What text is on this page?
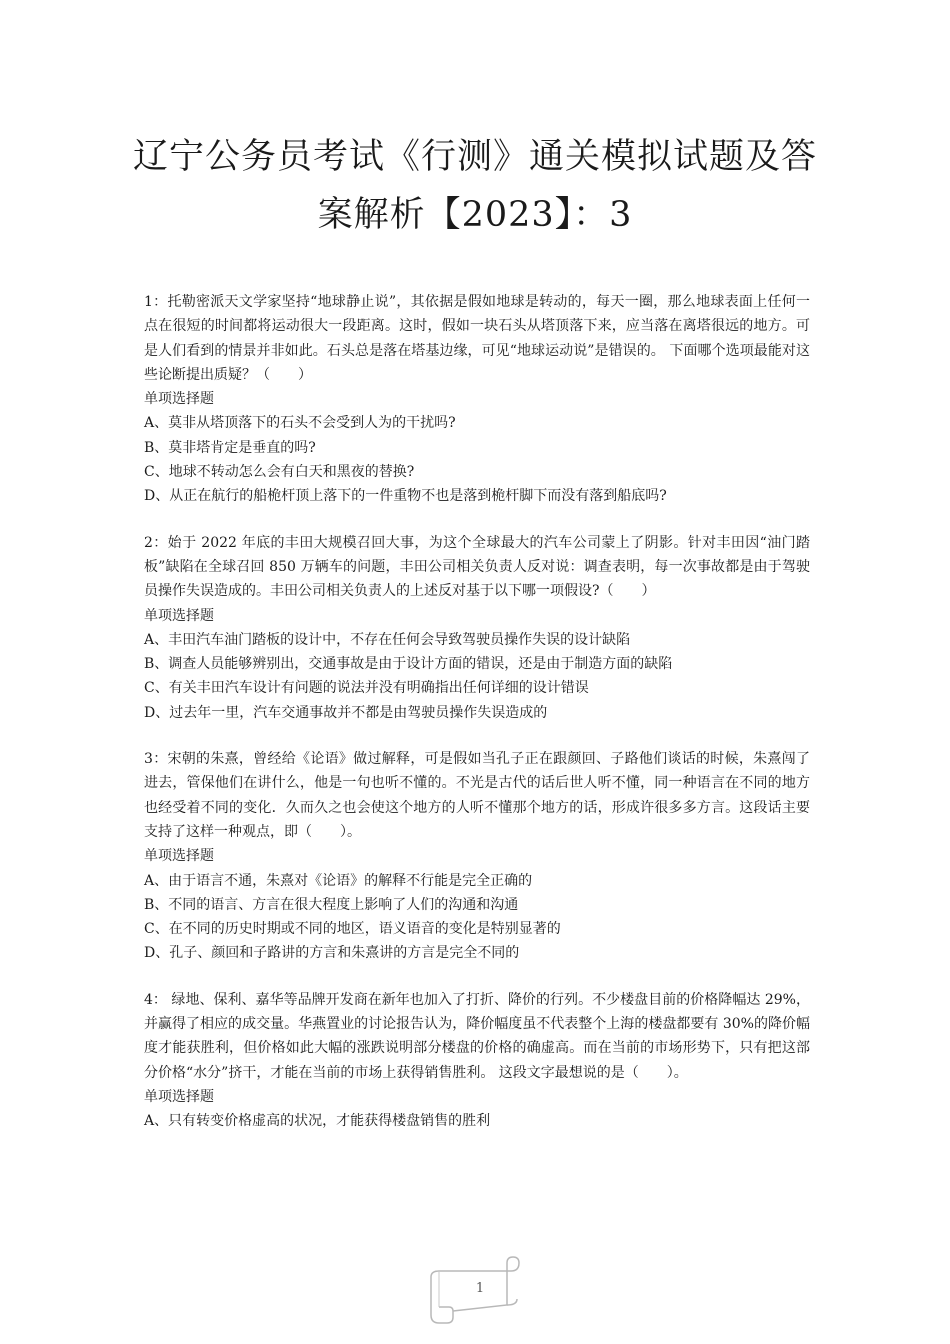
辽宁公务员考试《行测》通关模拟试题及答
案解析【2023】：3
1：托勒密派天文学家坚持“地球静止说”，其依据是假如地球是转动的，每天一圈，那么地球表面上任何一点在很短的时间都将运动很大一段距离。这时，假如一块石头从塔顶落下来，应当落在离塔很远的地方。可是人们看到的情景并非如此。石头总是落在塔基边缘，可见“地球运动说”是错误的。 下面哪个选项最能对这些论断提出质疑？（　　）
单项选择题
A、莫非从塔顶落下的石头不会受到人为的干扰吗?
B、莫非塔肯定是垂直的吗?
C、地球不转动怎么会有白天和黑夜的替换?
D、从正在航行的船桅杆顶上落下的一件重物不也是落到桅杆脚下而没有落到船底吗?
2：始于 2022 年底的丰田大规模召回大事，为这个全球最大的汽车公司蒙上了阴影。针对丰田因“油门踏板”缺陷在全球召回 850 万辆车的问题，丰田公司相关负责人反对说：调查表明，每一次事故都是由于驾驶员操作失误造成的。丰田公司相关负责人的上述反对基于以下哪一项假设?（　　）
单项选择题
A、丰田汽车油门踏板的设计中，不存在任何会导致驾驶员操作失误的设计缺陷
B、调查人员能够辨别出，交通事故是由于设计方面的错误，还是由于制造方面的缺陷
C、有关丰田汽车设计有问题的说法并没有明确指出任何详细的设计错误
D、过去年一里，汽车交通事故并不都是由驾驶员操作失误造成的
3：宋朝的朱熹，曾经给《论语》做过解释，可是假如当孔子正在跟颜回、子路他们谈话的时候，朱熹闯了进去，管保他们在讲什么，他是一句也听不懂的。不光是古代的话后世人听不懂，同一种语言在不同的地方也经受着不同的变化．久而久之也会使这个地方的人听不懂那个地方的话，形成许很多多方言。这段话主要支持了这样一种观点，即（　　）。
单项选择题
A、由于语言不通，朱熹对《论语》的解释不行能是完全正确的
B、不同的语言、方言在很大程度上影响了人们的沟通和沟通
C、在不同的历史时期或不同的地区，语义语音的变化是特别显著的
D、孔子、颜回和子路讲的方言和朱熹讲的方言是完全不同的
4： 绿地、保利、嘉华等品牌开发商在新年也加入了打折、降价的行列。不少楼盘目前的价格降幅达 29%，并赢得了相应的成交量。华燕置业的讨论报告认为，降价幅度虽不代表整个上海的楼盘都要有 30%的降价幅度才能获胜利，但价格如此大幅的涨跌说明部分楼盘的价格的确虚高。而在当前的市场形势下，只有把这部分价格“水分”挤干，才能在当前的市场上获得销售胜利。 这段文字最想说的是（　　）。
单项选择题
A、只有转变价格虚高的状况，才能获得楼盘销售的胜利
1
